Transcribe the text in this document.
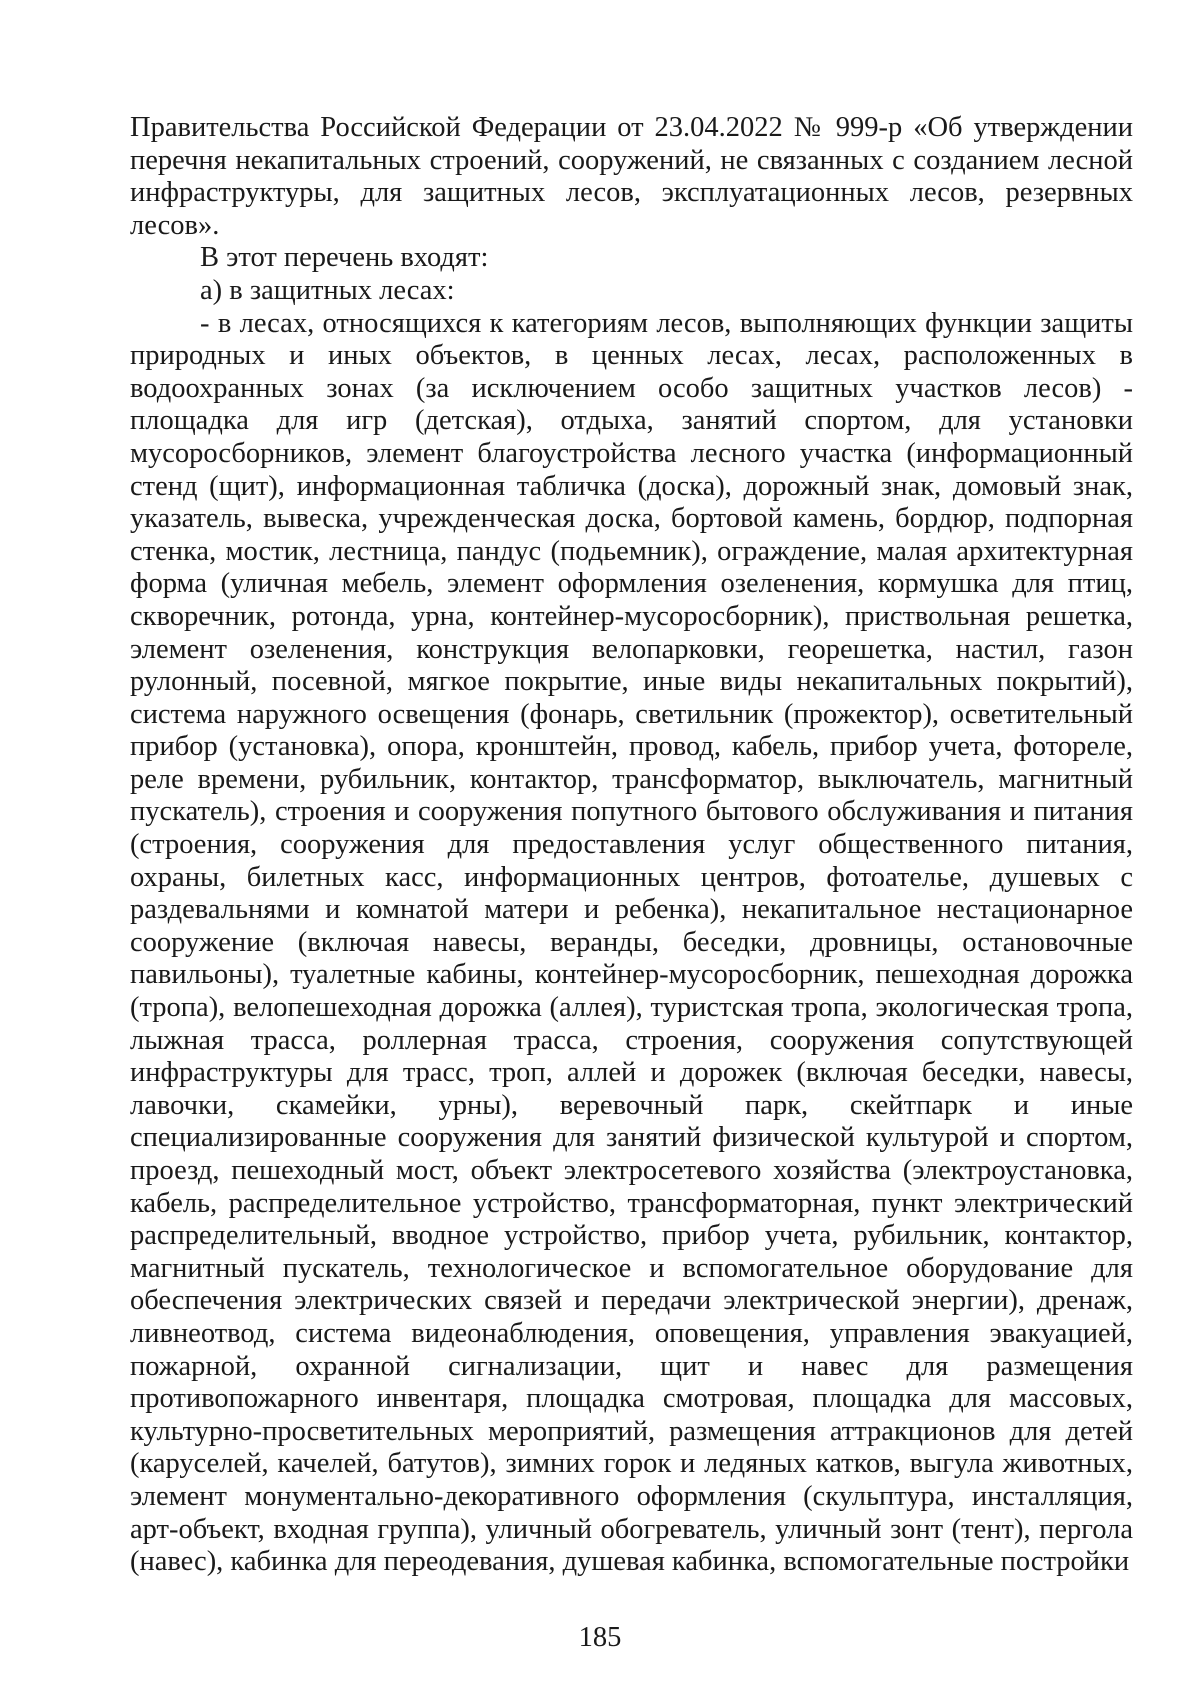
Правительства Российской Федерации от 23.04.2022 № 999-р «Об утверждении перечня некапитальных строений, сооружений, не связанных с созданием лесной инфраструктуры, для защитных лесов, эксплуатационных лесов, резервных лесов».

В этот перечень входят:

а) в защитных лесах:

- в лесах, относящихся к категориям лесов, выполняющих функции защиты природных и иных объектов, в ценных лесах, лесах, расположенных в водоохранных зонах (за исключением особо защитных участков лесов) - площадка для игр (детская), отдыха, занятий спортом, для установки мусоросборников, элемент благоустройства лесного участка (информационный стенд (щит), информационная табличка (доска), дорожный знак, домовый знак, указатель, вывеска, учрежденческая доска, бортовой камень, бордюр, подпорная стенка, мостик, лестница, пандус (подьемник), ограждение, малая архитектурная форма (уличная мебель, элемент оформления озеленения, кормушка для птиц, скворечник, ротонда, урна, контейнер-мусоросборник), приствольная решетка, элемент озеленения, конструкция велопарковки, георешетка, настил, газон рулонный, посевной, мягкое покрытие, иные виды некапитальных покрытий), система наружного освещения (фонарь, светильник (прожектор), осветительный прибор (установка), опора, кронштейн, провод, кабель, прибор учета, фотореле, реле времени, рубильник, контактор, трансформатор, выключатель, магнитный пускатель), строения и сооружения попутного бытового обслуживания и питания (строения, сооружения для предоставления услуг общественного питания, охраны, билетных касс, информационных центров, фотоателье, душевых с раздевальнями и комнатой матери и ребенка), некапитальное нестационарное сооружение (включая навесы, веранды, беседки, дровницы, остановочные павильоны), туалетные кабины, контейнер-мусоросборник, пешеходная дорожка (тропа), велопешеходная дорожка (аллея), туристская тропа, экологическая тропа, лыжная трасса, роллерная трасса, строения, сооружения сопутствующей инфраструктуры для трасс, троп, аллей и дорожек (включая беседки, навесы, лавочки, скамейки, урны), веревочный парк, скейтпарк и иные специализированные сооружения для занятий физической культурой и спортом, проезд, пешеходный мост, объект электросетевого хозяйства (электроустановка, кабель, распределительное устройство, трансформаторная, пункт электрический распределительный, вводное устройство, прибор учета, рубильник, контактор, магнитный пускатель, технологическое и вспомогательное оборудование для обеспечения электрических связей и передачи электрической энергии), дренаж, ливнеотвод, система видеонаблюдения, оповещения, управления эвакуацией, пожарной, охранной сигнализации, щит и навес для размещения противопожарного инвентаря, площадка смотровая, площадка для массовых, культурно-просветительных мероприятий, размещения аттракционов для детей (каруселей, качелей, батутов), зимних горок и ледяных катков, выгула животных, элемент монументально-декоративного оформления (скульптура, инсталляция, арт-объект, входная группа), уличный обогреватель, уличный зонт (тент), пергола (навес), кабинка для переодевания, душевая кабинка, вспомогательные постройки

185
